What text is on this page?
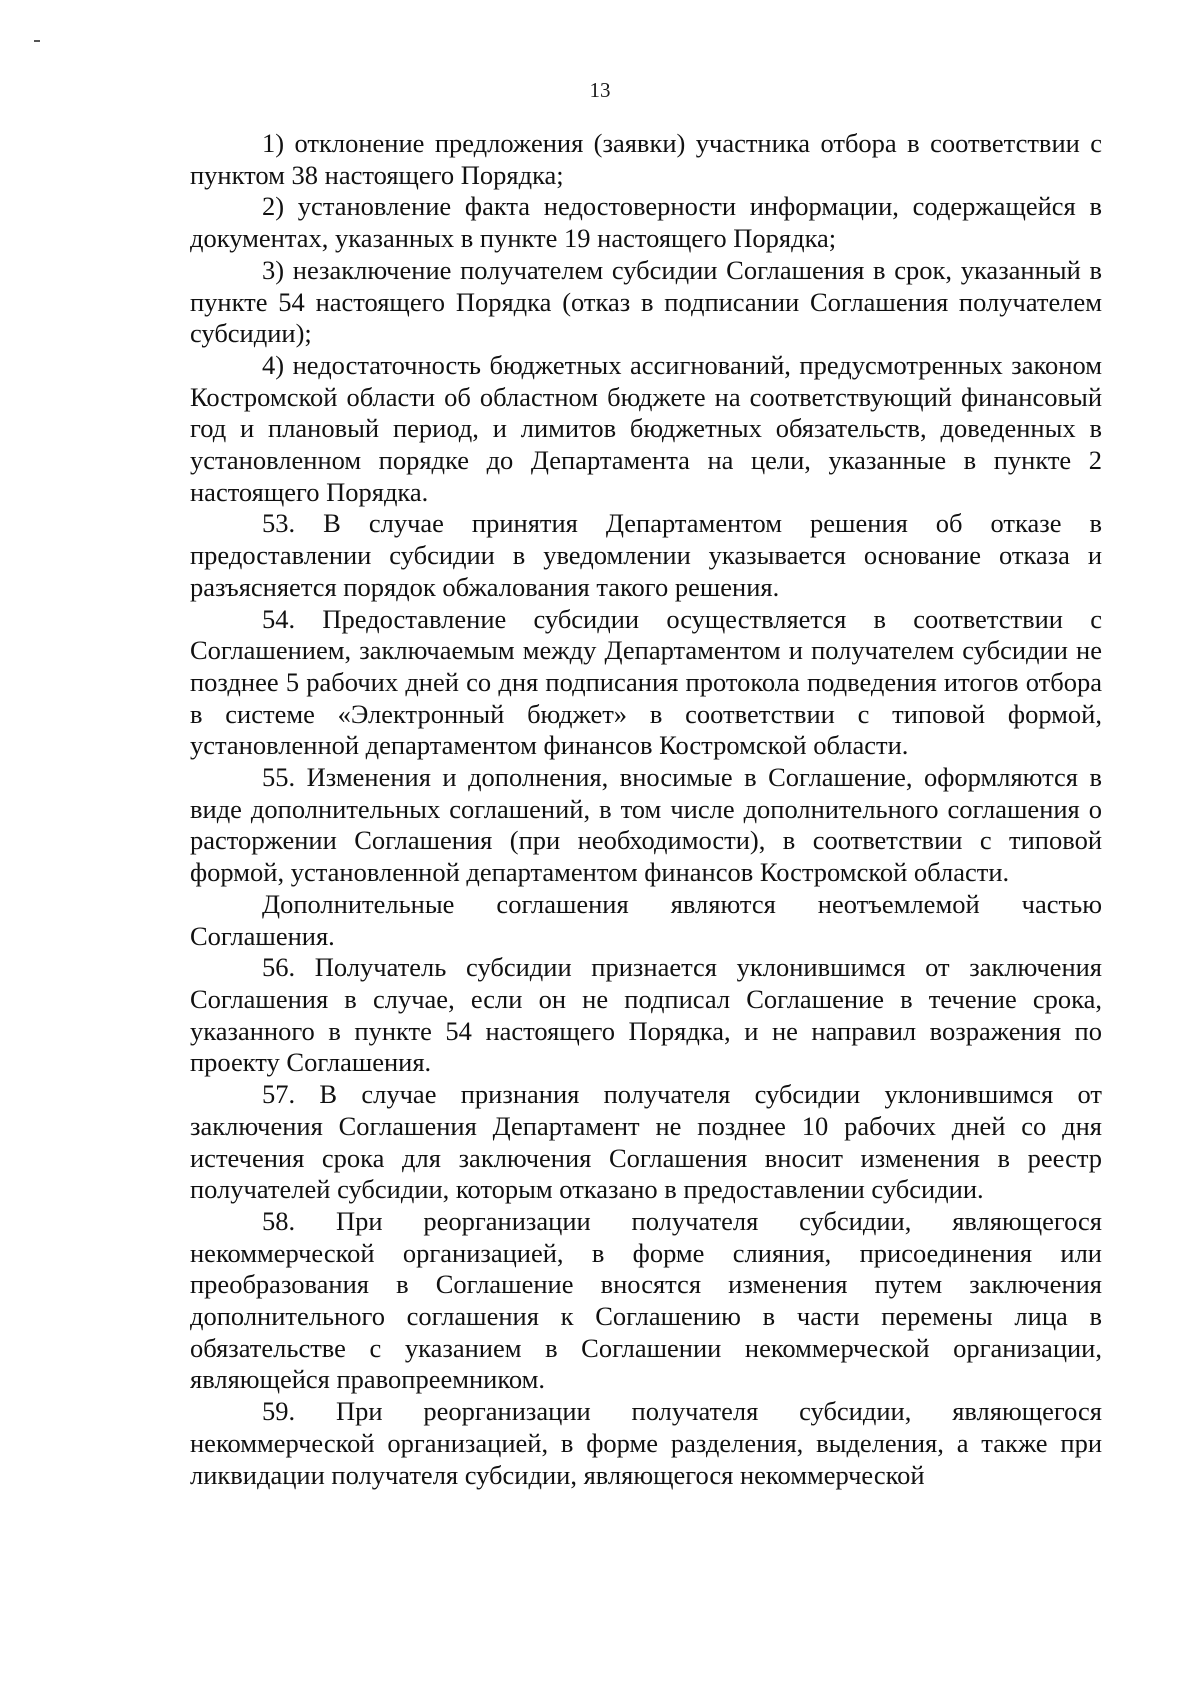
13

1) отклонение предложения (заявки) участника отбора в соответствии с пунктом 38 настоящего Порядка;

2) установление факта недостоверности информации, содержащейся в документах, указанных в пункте 19 настоящего Порядка;

3) незаключение получателем субсидии Соглашения в срок, указанный в пункте 54 настоящего Порядка (отказ в подписании Соглашения получателем субсидии);

4) недостаточность бюджетных ассигнований, предусмотренных законом Костромской области об областном бюджете на соответствующий финансовый год и плановый период, и лимитов бюджетных обязательств, доведенных в установленном порядке до Департамента на цели, указанные в пункте 2 настоящего Порядка.

53. В случае принятия Департаментом решения об отказе в предоставлении субсидии в уведомлении указывается основание отказа и разъясняется порядок обжалования такого решения.

54. Предоставление субсидии осуществляется в соответствии с Соглашением, заключаемым между Департаментом и получателем субсидии не позднее 5 рабочих дней со дня подписания протокола подведения итогов отбора в системе «Электронный бюджет» в соответствии с типовой формой, установленной департаментом финансов Костромской области.

55. Изменения и дополнения, вносимые в Соглашение, оформляются в виде дополнительных соглашений, в том числе дополнительного соглашения о расторжении Соглашения (при необходимости), в соответствии с типовой формой, установленной департаментом финансов Костромской области.

Дополнительные соглашения являются неотъемлемой частью Соглашения.

56. Получатель субсидии признается уклонившимся от заключения Соглашения в случае, если он не подписал Соглашение в течение срока, указанного в пункте 54 настоящего Порядка, и не направил возражения по проекту Соглашения.

57. В случае признания получателя субсидии уклонившимся от заключения Соглашения Департамент не позднее 10 рабочих дней со дня истечения срока для заключения Соглашения вносит изменения в реестр получателей субсидии, которым отказано в предоставлении субсидии.

58. При реорганизации получателя субсидии, являющегося некоммерческой организацией, в форме слияния, присоединения или преобразования в Соглашение вносятся изменения путем заключения дополнительного соглашения к Соглашению в части перемены лица в обязательстве с указанием в Соглашении некоммерческой организации, являющейся правопреемником.

59. При реорганизации получателя субсидии, являющегося некоммерческой организацией, в форме разделения, выделения, а также при ликвидации получателя субсидии, являющегося некоммерческой
